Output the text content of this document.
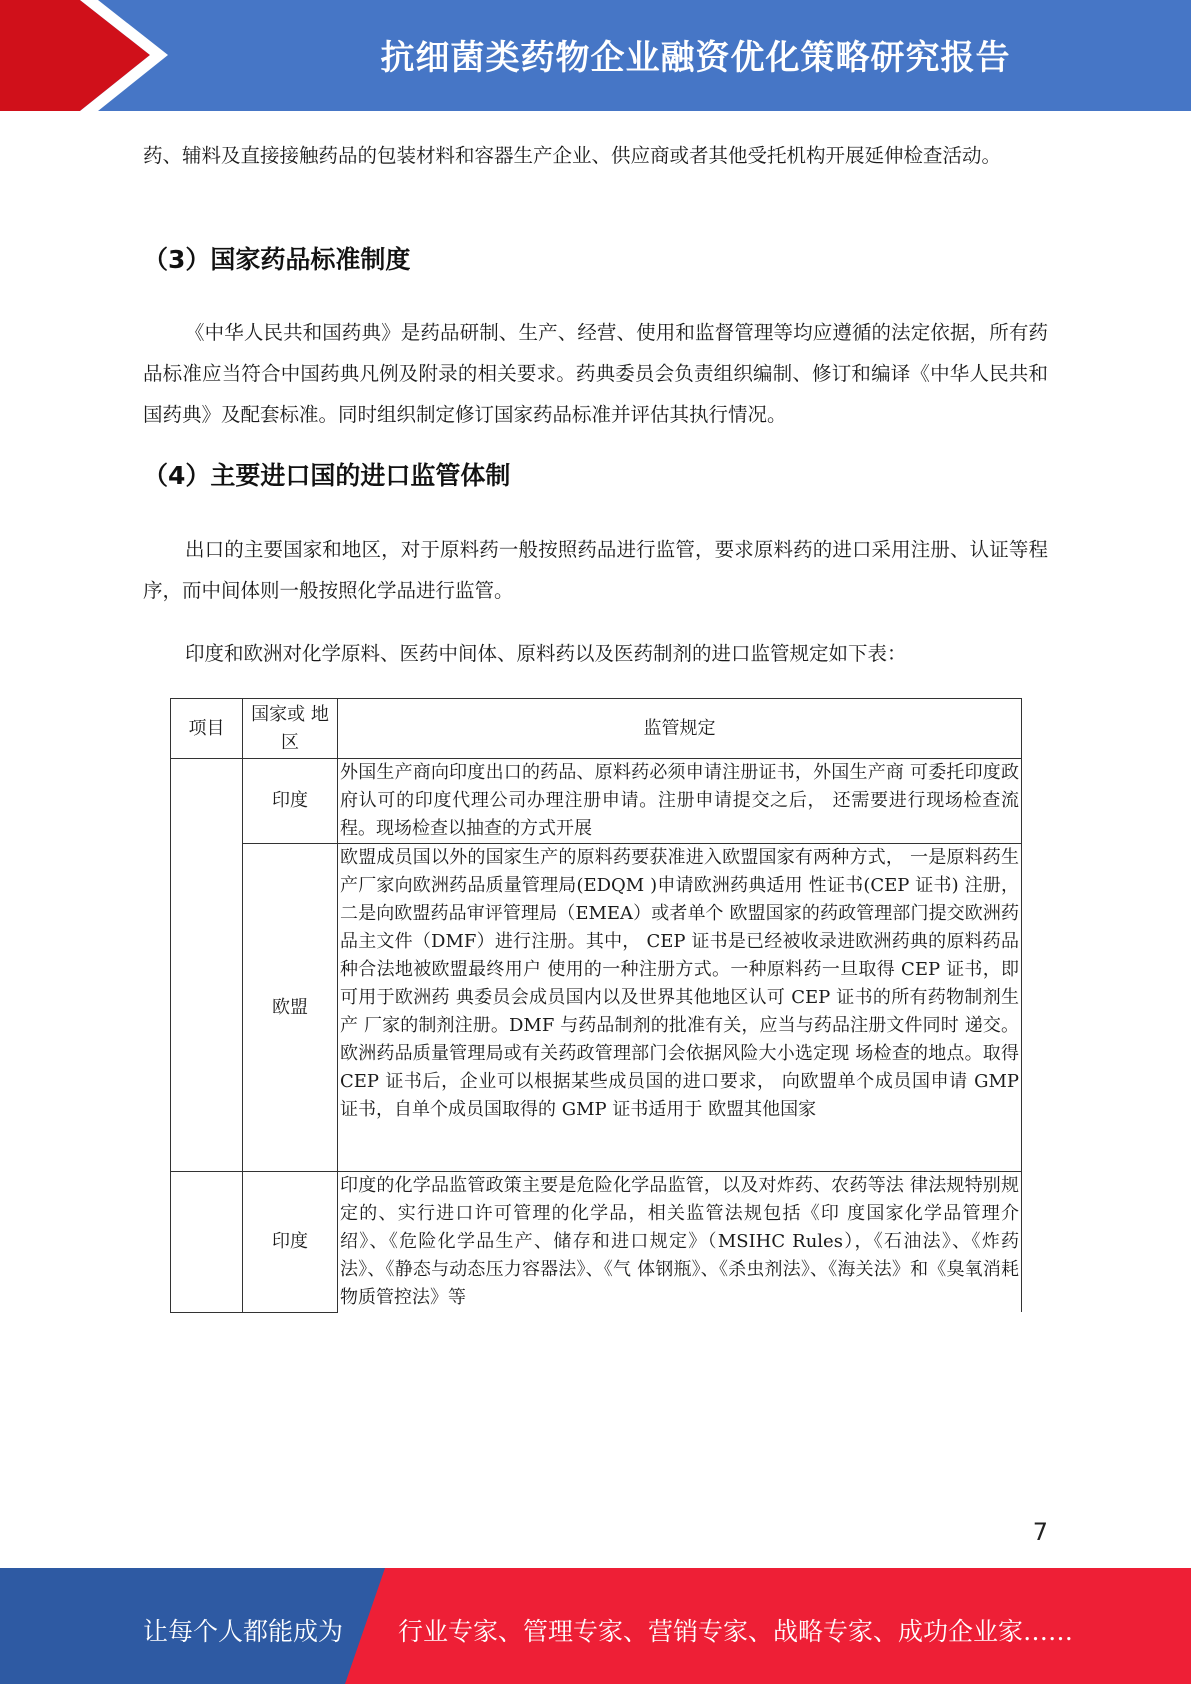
抗细菌类药物企业融资优化策略研究报告
药、辅料及直接接触药品的包装材料和容器生产企业、供应商或者其他受托机构开展延伸检查活动。
（3）国家药品标准制度
《中华人民共和国药典》是药品研制、生产、经营、使用和监督管理等均应遵循的法定依据，所有药品标准应当符合中国药典凡例及附录的相关要求。药典委员会负责组织编制、修订和编译《中华人民共和国药典》及配套标准。同时组织制定修订国家药品标准并评估其执行情况。
（4）主要进口国的进口监管体制
出口的主要国家和地区，对于原料药一般按照药品进行监管，要求原料药的进口采用注册、认证等程序，而中间体则一般按照化学品进行监管。
印度和欧洲对化学原料、医药中间体、原料药以及医药制剂的进口监管规定如下表：
项目	国家或 地区	监管规定
	印度	外国生产商向印度出口的药品、原料药必须申请注册证书，外国生产商 可委托印度政府认可的印度代理公司办理注册申请。注册申请提交之后， 还需要进行现场检查流程。现场检查以抽查的方式开展
	欧盟	欧盟成员国以外的国家生产的原料药要获准进入欧盟国家有两种方式， 一是原料药生产厂家向欧洲药品质量管理局(EDQM )申请欧洲药典适用 性证书(CEP 证书) 注册，二是向欧盟药品审评管理局（EMEA）或者单个 欧盟国家的药政管理部门提交欧洲药品主文件（DMF）进行注册。其中， CEP 证书是已经被收录进欧洲药典的原料药品种合法地被欧盟最终用户 使用的一种注册方式。一种原料药一旦取得 CEP 证书，即可用于欧洲药 典委员会成员国内以及世界其他地区认可 CEP 证书的所有药物制剂生产 厂家的制剂注册。DMF 与药品制剂的批准有关，应当与药品注册文件同时 递交。欧洲药品质量管理局或有关药政管理部门会依据风险大小选定现 场检查的地点。取得 CEP 证书后，企业可以根据某些成员国的进口要求， 向欧盟单个成员国申请 GMP 证书，自单个成员国取得的 GMP 证书适用于 欧盟其他国家
	印度	印度的化学品监管政策主要是危险化学品监管，以及对炸药、农药等法 律法规特别规定的、实行进口许可管理的化学品，相关监管法规包括《印 度国家化学品管理介绍》、《危险化学品生产、储存和进口规定》（MSIHC Rules），《石油法》、《炸药法》、《静态与动态压力容器法》、《气 体钢瓶》、《杀虫剂法》、《海关法》和《臭氧消耗物质管控法》等
7
让每个人都能成为 行业专家、管理专家、营销专家、战略专家、成功企业家……
